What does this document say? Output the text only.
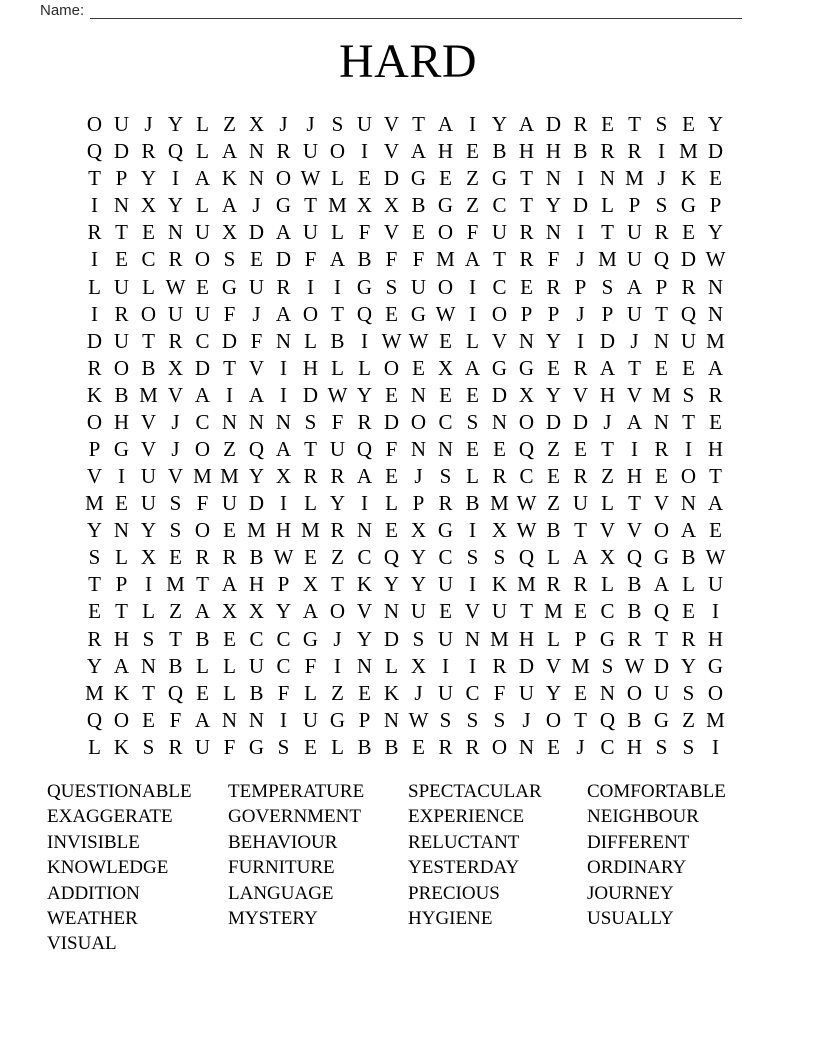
Name:
HARD
O U J Y L Z X J J S U V T A I Y A D R E T S E Y
Q D R Q L A N R U O I V A H E B H H B R R I M D
T P Y I A K N O W L E D G E Z G T N I N M J K E
I N X Y L A J G T M X X B G Z C T Y D L P S G P
R T E N U X D A U L F V E O F U R N I T U R E Y
I E C R O S E D F A B F F M A T R F J M U Q D W
L U L W E G U R I I G S U O I C E R P S A P R N
I R O U U F J A O T Q E G W I O P P J P U T Q N
D U T R C D F N L B I W W E L V N Y I D J N U M
R O B X D T V I H L L O E X A G G E R A T E E A
K B M V A I A I D W Y E N E E D X Y V H V M S R
O H V J C N N N S F R D O C S N O D D J A N T E
P G V J O Z Q A T U Q F N N E E Q Z E T I R I H
V I U V M M Y X R R A E J S L R C E R Z H E O T
M E U S F U D I L Y I L P R B M W Z U L T V N A
Y N Y S O E M H M R N E X G I X W B T V V O A E
S L X E R R B W E Z C Q Y C S S Q L A X Q G B W
T P I M T A H P X T K Y Y U I K M R R L B A L U
E T L Z A X X Y A O V N U E V U T M E C B Q E I
R H S T B E C C G J Y D S U N M H L P G R T R H
Y A N B L L U C F I N L X I I R D V M S W D Y G
M K T Q E L B F L Z E K J U C F U Y E N O U S O
Q O E F A N N I U G P N W S S S J O T Q B G Z M
L K S R U F G S E L B B E R R O N E J C H S S I
QUESTIONABLE
EXAGGERATE
INVISIBLE
KNOWLEDGE
ADDITION
WEATHER
VISUAL
TEMPERATURE
GOVERNMENT
BEHAVIOUR
FURNITURE
LANGUAGE
MYSTERY
SPECTACULAR
EXPERIENCE
RELUCTANT
YESTERDAY
PRECIOUS
HYGIENE
COMFORTABLE
NEIGHBOUR
DIFFERENT
ORDINARY
JOURNEY
USUALLY
